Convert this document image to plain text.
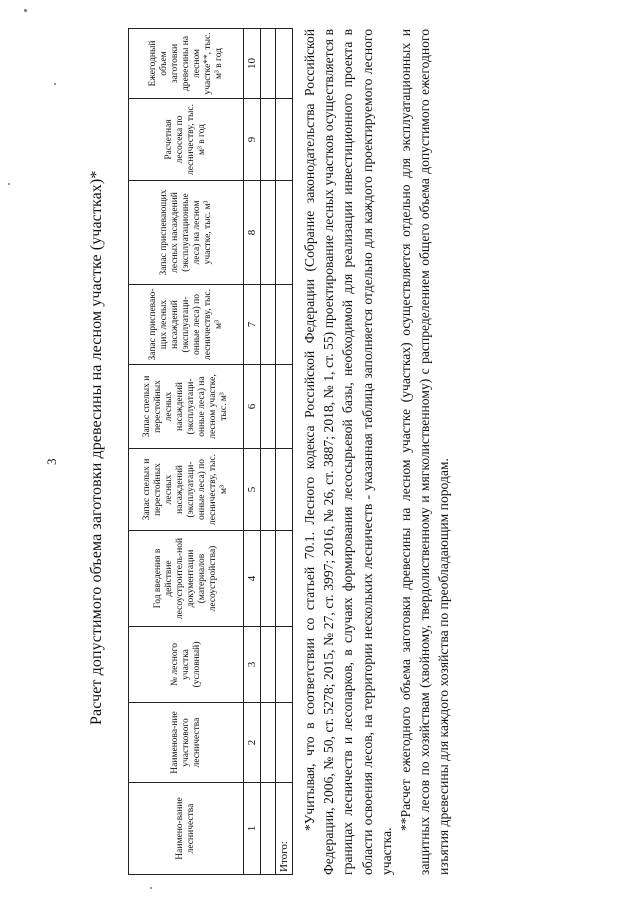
3 Расчет допустимого объема заготовки древесины на лесном участке (участках)*
Наимено-вание лесничества	Наименова-ние участкового лесничества	№ лесного участка (условный)	Год введения в действие лесоустроитель-ной документации (материалов лесоустройства)	Запас спелых и перестойных лесных насаждений (эксплуатаци-онные леса) по лесничеству, тыс. м³	Запас спелых и перестойных лесных насаждений (эксплуатаци-онные леса) на лесном участке, тыс. м³	Запас приспеваю-щих лесных насаждений (эксплуатаци-онные леса) по лесничеству, тыс. м³	Запас приспевающих лесных насаждений (эксплуатационные леса) на лесном участке, тыс. м³	Расчетная лесосека по лесничеству, тыс. м³ в год	Ежегодный объем заготовки древесины на лесном участке**, тыс. м³ в год
1	2	3	4	5	6	7	8	9	10

Итого:									

*Учитывая, что в соответствии со статьей 70.1. Лесного кодекса Российской Федерации (Собрание законодательства Российской Федерации, 2006, № 50, ст. 5278; 2015, № 27, ст. 3997; 2016, № 26, ст. 3887; 2018, № 1, ст. 55) проектирование лесных участков осуществляется в границах лесничеств и лесопарков, в случаях формирования лесосырьевой базы, необходимой для реализации инвестиционного проекта в области освоения лесов, на территории нескольких лесничеств - указанная таблица заполняется отдельно для каждого проектируемого лесного участка.

**Расчет ежегодного объема заготовки древесины на лесном участке (участках) осуществляется отдельно для эксплуатационных и защитных лесов по хозяйствам (хвойному, твердолиственному и мягколиственному) с распределением общего объема допустимого ежегодного изъятия древесины для каждого хозяйства по преобладающим породам.
